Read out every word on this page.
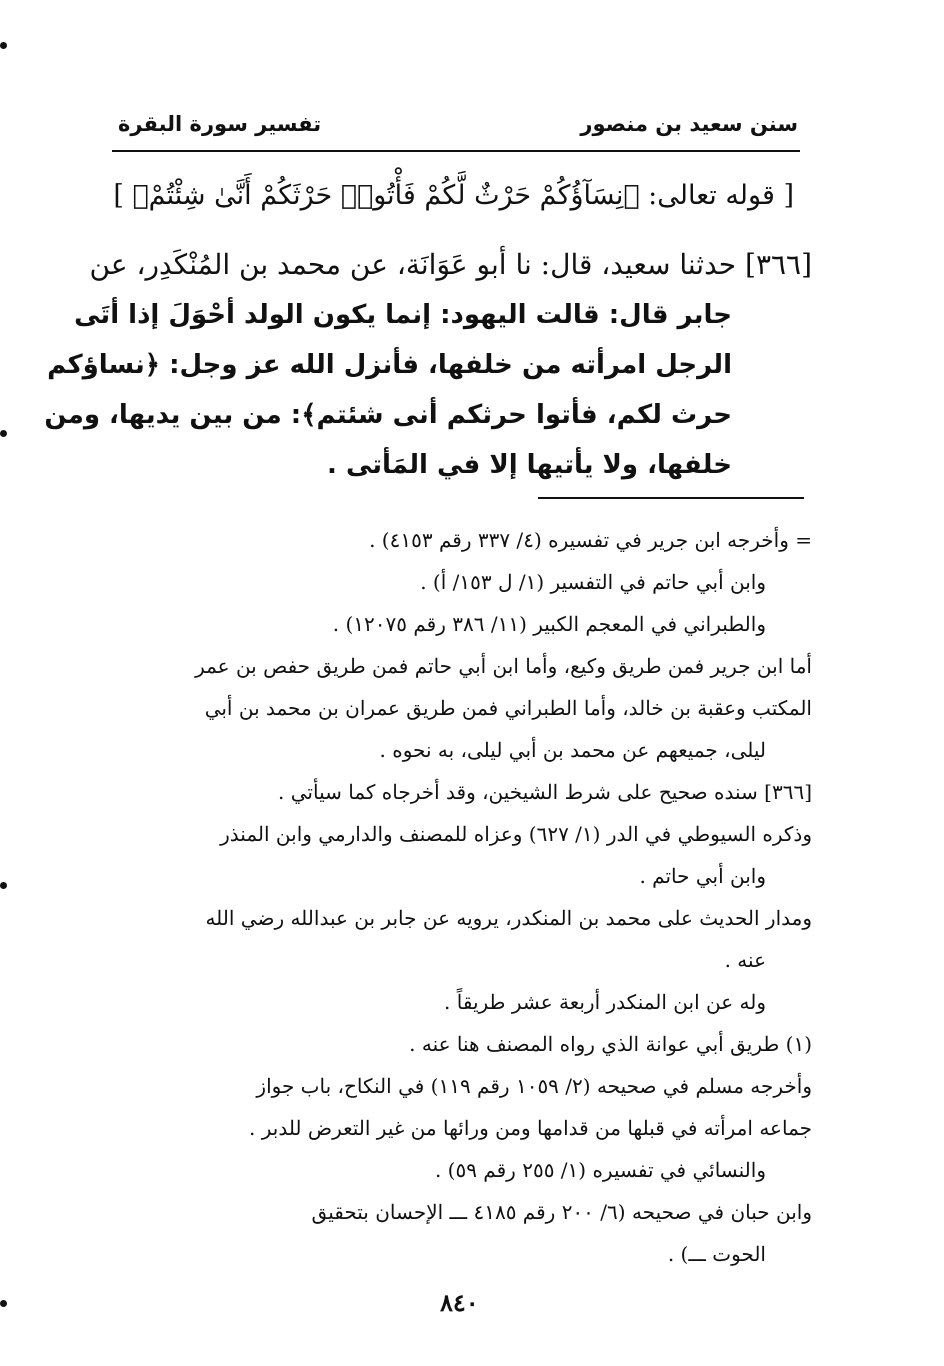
سنن سعيد بن منصور
تفسير سورة البقرة
[ قوله تعالى: ﴿نِسَآؤُكُمْ حَرْثٌ لَّكُمْ فَأْتُوا۟ حَرْثَكُمْ أَنَّىٰ شِئْتُمْ﴾ ]
[٣٦٦] حدثنا سعيد، قال: نا أبو عَوَانَة، عن محمد بن المُنْكَدِر، عن
جابر قال: قالت اليهود: إنما يكون الولد أحْوَلَ إذا أتَى
الرجل امرأته من خلفها، فأنزل الله عز وجل: ﴿نساؤكم
حرث لكم، فأتوا حرثكم أنى شئتم﴾: من بين يديها، ومن
خلفها، ولا يأتيها إلا في المَأتى .
= وأخرجه ابن جرير في تفسيره (٤/ ٣٣٧ رقم ٤١٥٣) .
وابن أبي حاتم في التفسير (١/ ل ١٥٣/ أ) .
والطبراني في المعجم الكبير (١١/ ٣٨٦ رقم ١٢٠٧٥) .
أما ابن جرير فمن طريق وكيع، وأما ابن أبي حاتم فمن طريق حفص بن عمر
المكتب وعقبة بن خالد، وأما الطبراني فمن طريق عمران بن محمد بن أبي
ليلى، جميعهم عن محمد بن أبي ليلى، به نحوه .
[٣٦٦] سنده صحيح على شرط الشيخين، وقد أخرجاه كما سيأتي .
وذكره السيوطي في الدر (١/ ٦٢٧) وعزاه للمصنف والدارمي وابن المنذر
وابن أبي حاتم .
ومدار الحديث على محمد بن المنكدر، يرويه عن جابر بن عبدالله رضي الله
عنه .
وله عن ابن المنكدر أربعة عشر طريقاً .
(١) طريق أبي عوانة الذي رواه المصنف هنا عنه .
وأخرجه مسلم في صحيحه (٢/ ١٠٥٩ رقم ١١٩) في النكاح، باب جواز
جماعه امرأته في قبلها من قدامها ومن ورائها من غير التعرض للدبر .
والنسائي في تفسيره (١/ ٢٥٥ رقم ٥٩) .
وابن حبان في صحيحه (٦/ ٢٠٠ رقم ٤١٨٥ ـــ الإحسان بتحقيق
الحوت ـــ) .
٨٤٠
